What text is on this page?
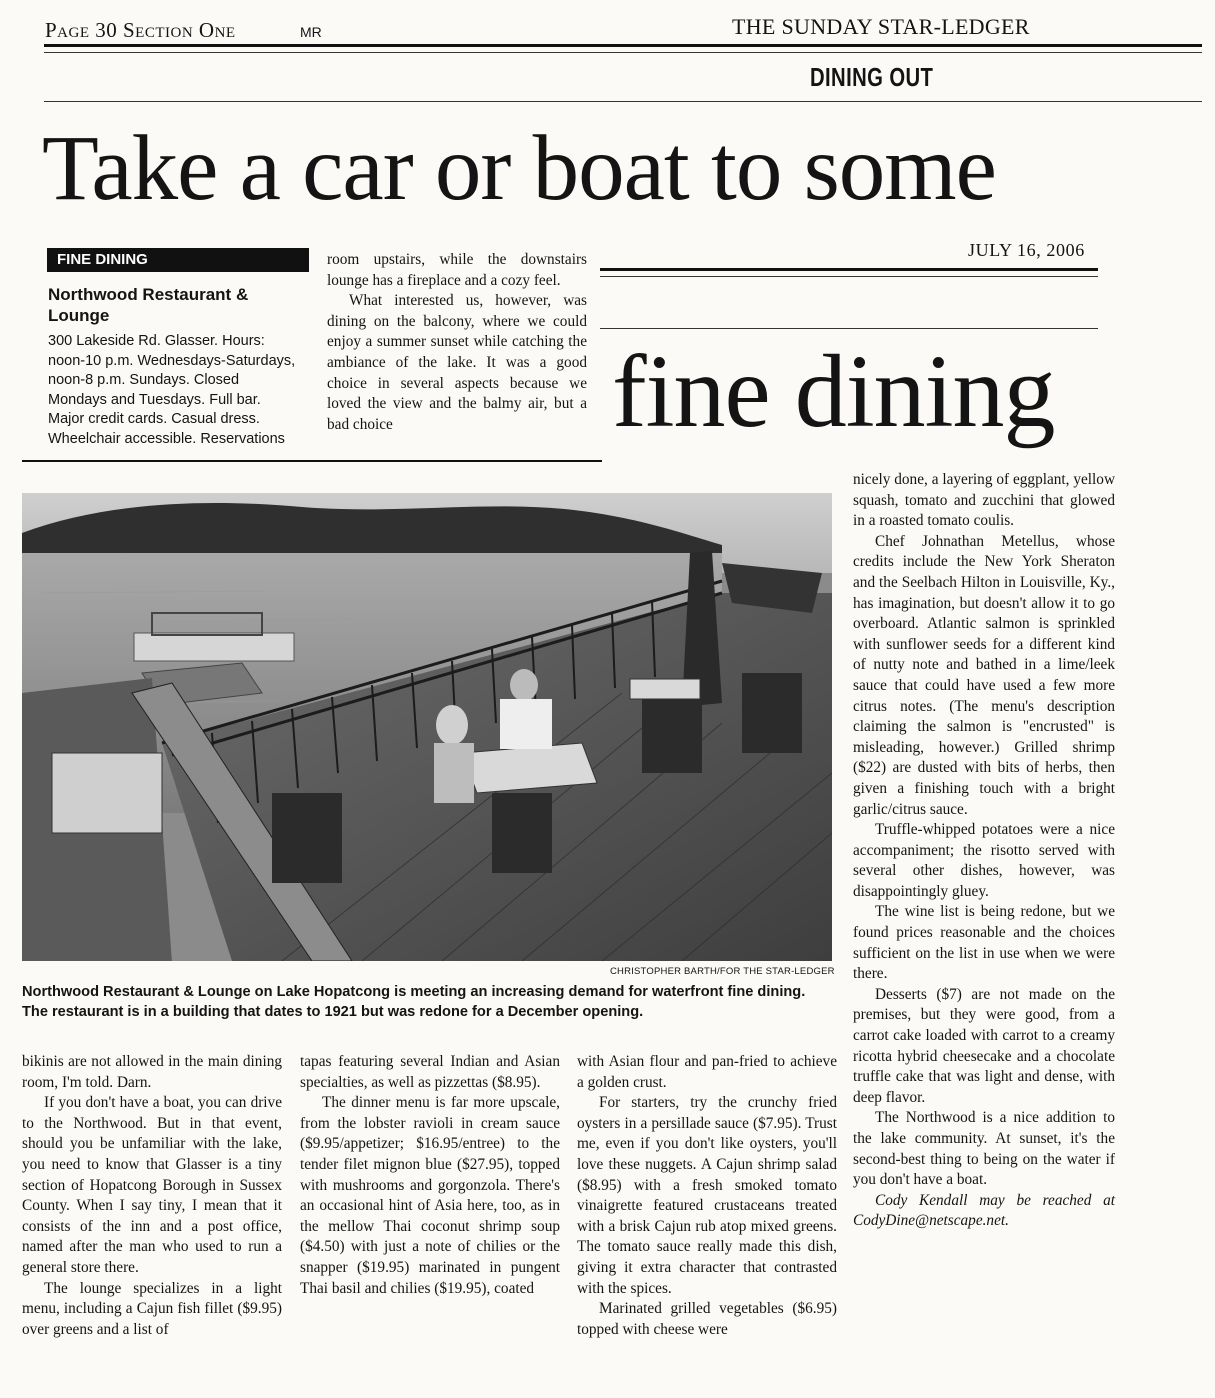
Page 30 Section One	MR	THE SUNDAY STAR-LEDGER
DINING OUT
Take a car or boat to some
JULY 16, 2006
fine dining
FINE DINING
Northwood Restaurant & Lounge
300 Lakeside Rd. Glasser. Hours: noon-10 p.m. Wednesdays-Saturdays, noon-8 p.m. Sundays. Closed Mondays and Tuesdays. Full bar. Major credit cards. Casual dress. Wheelchair accessible. Reservations

room upstairs, while the downstairs lounge has a fireplace and a cozy feel.

What interested us, however, was dining on the balcony, where we could enjoy a summer sunset while catching the ambiance of the lake. It was a good choice in several aspects because we loved the view and the balmy air, but a bad choice

CHRISTOPHER BARTH/FOR THE STAR-LEDGER
Northwood Restaurant & Lounge on Lake Hopatcong is meeting an increasing demand for waterfront fine dining. The restaurant is in a building that dates to 1921 but was redone for a December opening.

nicely done, a layering of eggplant, yellow squash, tomato and zucchini that glowed in a roasted tomato coulis.

Chef Johnathan Metellus, whose credits include the New York Sheraton and the Seelbach Hilton in Louisville, Ky., has imagination, but doesn't allow it to go overboard. Atlantic salmon is sprinkled with sunflower seeds for a different kind of nutty note and bathed in a lime/leek sauce that could have used a few more citrus notes. (The menu's description claiming the salmon is "encrusted" is misleading, however.) Grilled shrimp ($22) are dusted with bits of herbs, then given a finishing touch with a bright garlic/citrus sauce.

Truffle-whipped potatoes were a nice accompaniment; the risotto served with several other dishes, however, was disappointingly gluey.

The wine list is being redone, but we found prices reasonable and the choices sufficient on the list in use when we were there.

Desserts ($7) are not made on the premises, but they were good, from a carrot cake loaded with carrot to a creamy ricotta hybrid cheesecake and a chocolate truffle cake that was light and dense, with deep flavor.

The Northwood is a nice addition to the lake community. At sunset, it's the second-best thing to being on the water if you don't have a boat.

Cody Kendall may be reached at CodyDine@netscape.net.

bikinis are not allowed in the main dining room, I'm told. Darn.

If you don't have a boat, you can drive to the Northwood. But in that event, should you be unfamiliar with the lake, you need to know that Glasser is a tiny section of Hopatcong Borough in Sussex County. When I say tiny, I mean that it consists of the inn and a post office, named after the man who used to run a general store there.

The lounge specializes in a light menu, including a Cajun fish fillet ($9.95) over greens and a list of

tapas featuring several Indian and Asian specialties, as well as pizzettas ($8.95).

The dinner menu is far more upscale, from the lobster ravioli in cream sauce ($9.95/appetizer; $16.95/entree) to the tender filet mignon blue ($27.95), topped with mushrooms and gorgonzola. There's an occasional hint of Asia here, too, as in the mellow Thai coconut shrimp soup ($4.50) with just a note of chilies or the snapper ($19.95) marinated in pungent Thai basil and chilies ($19.95), coated

with Asian flour and pan-fried to achieve a golden crust.

For starters, try the crunchy fried oysters in a persillade sauce ($7.95). Trust me, even if you don't like oysters, you'll love these nuggets. A Cajun shrimp salad ($8.95) with a fresh smoked tomato vinaigrette featured crustaceans treated with a brisk Cajun rub atop mixed greens. The tomato sauce really made this dish, giving it extra character that contrasted with the spices.

Marinated grilled vegetables ($6.95) topped with cheese were
